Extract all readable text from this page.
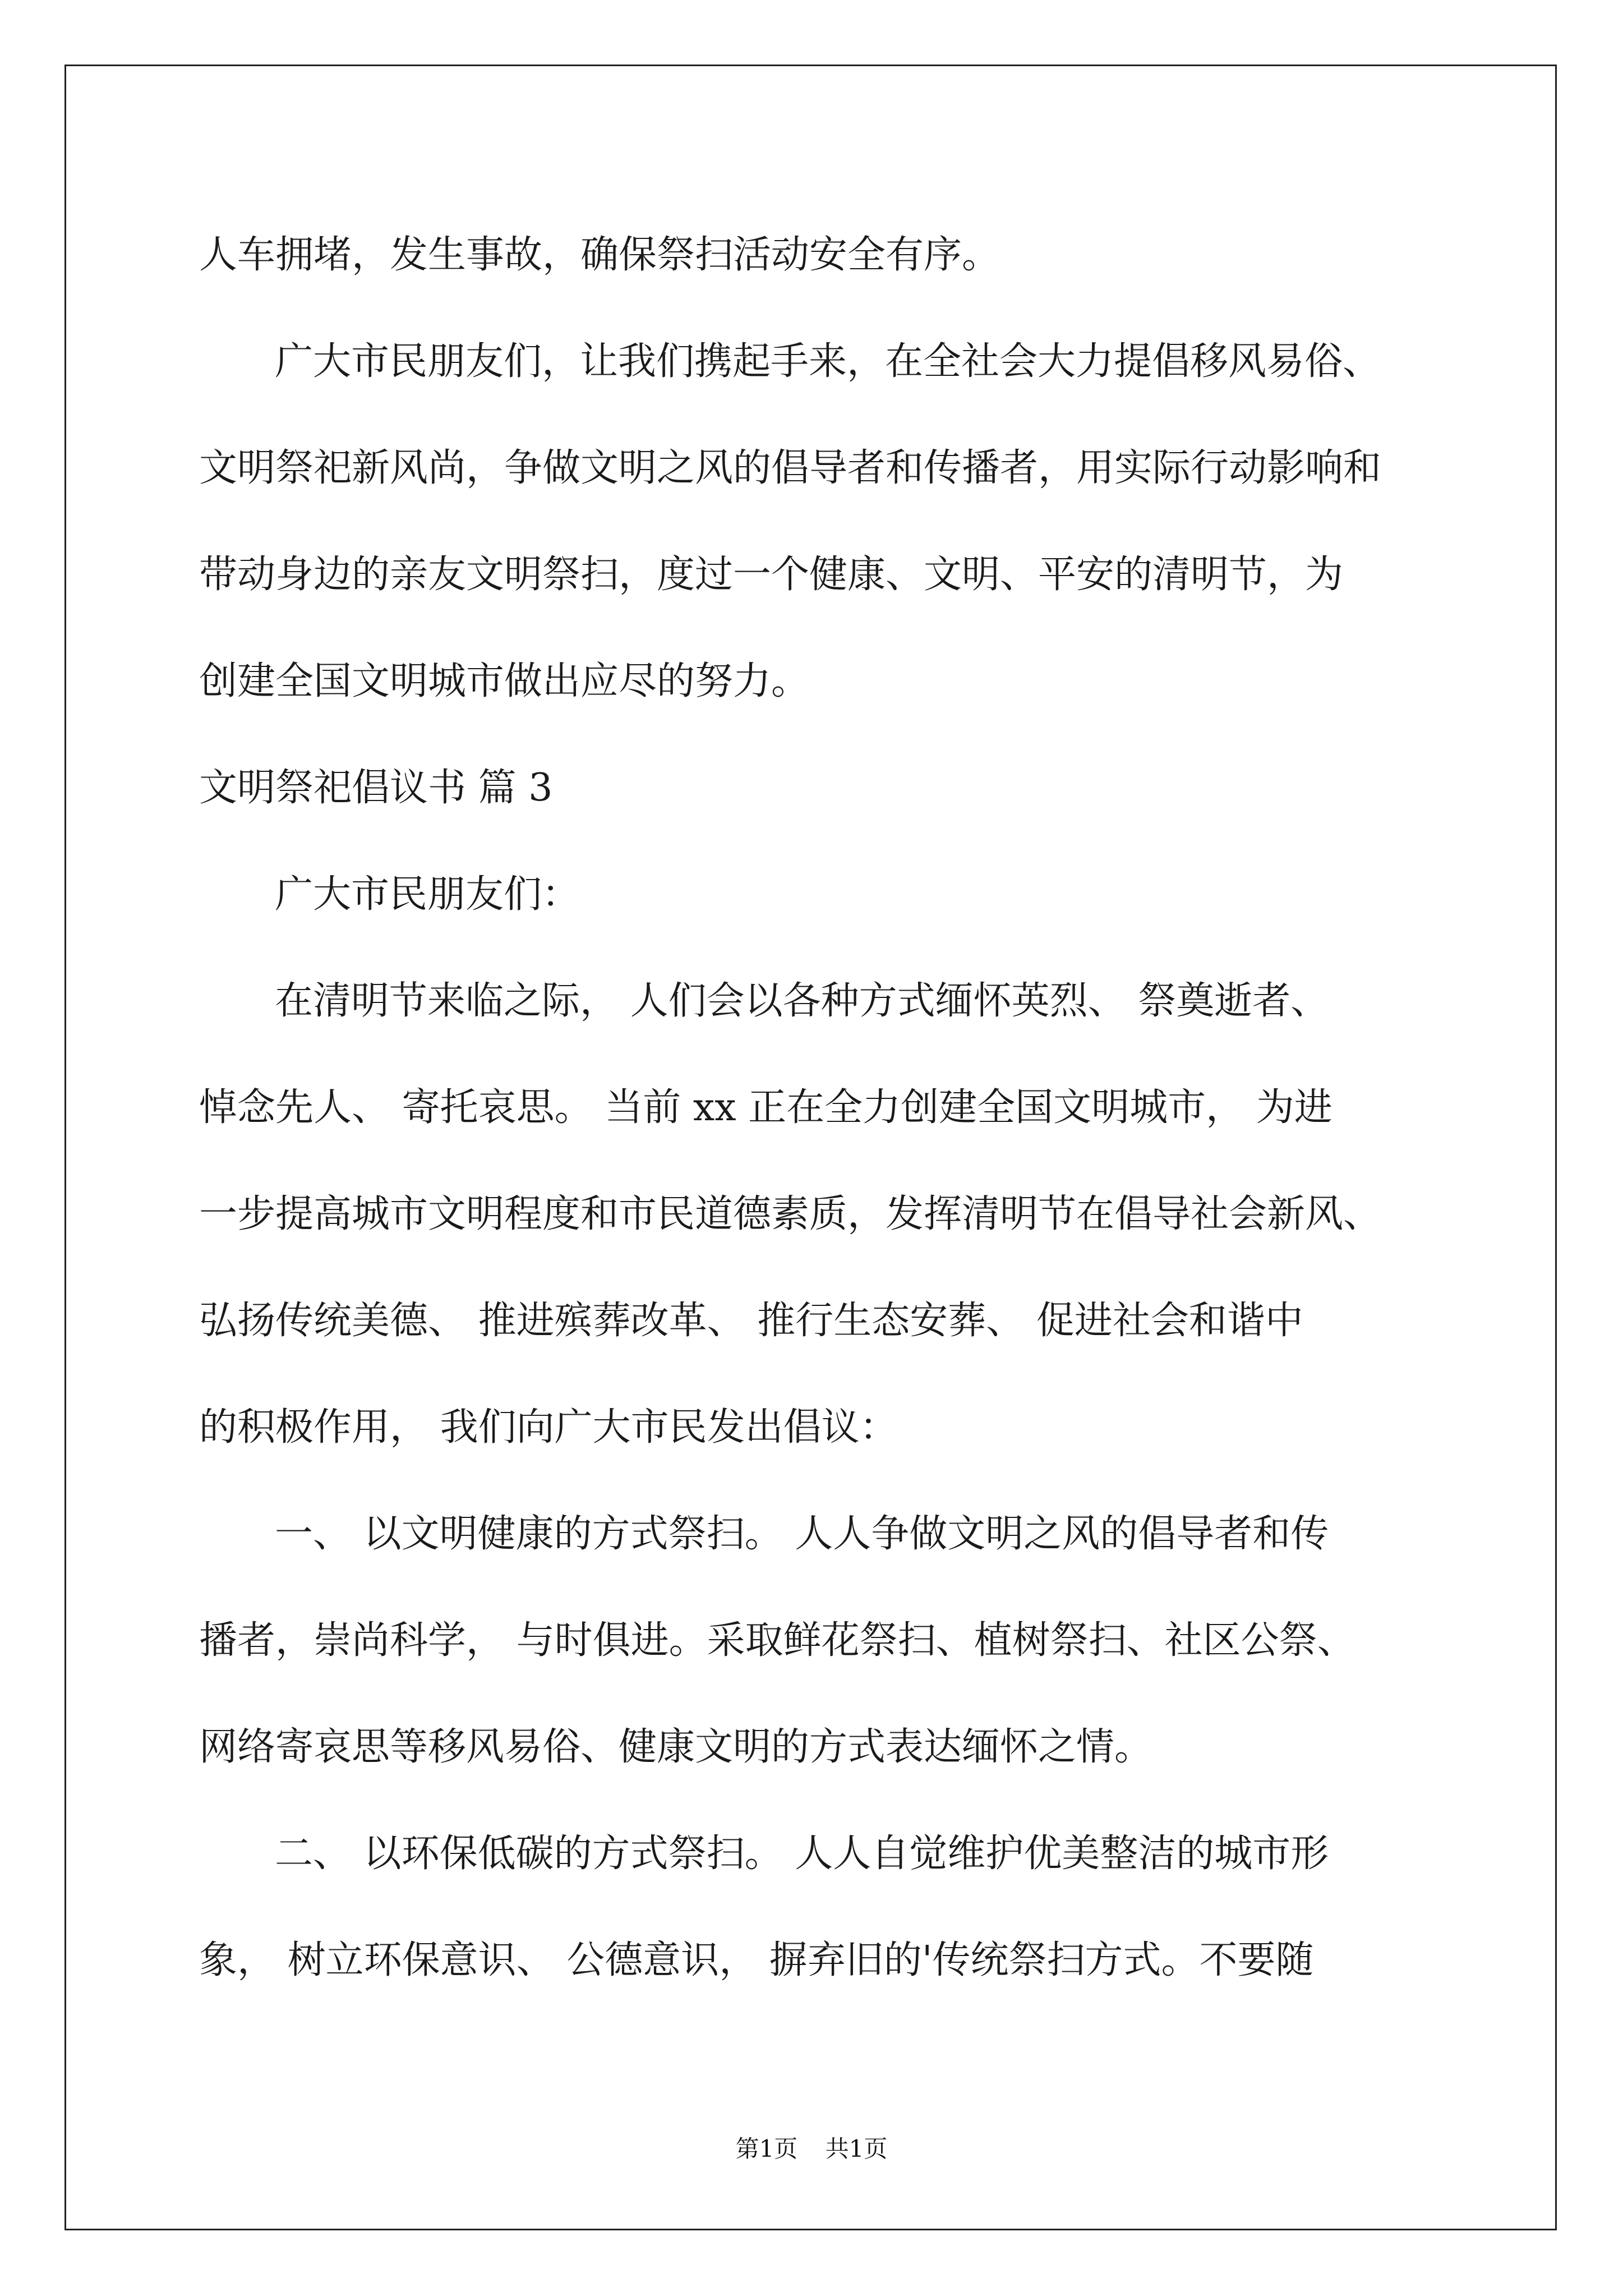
人车拥堵，发生事故，确保祭扫活动安全有序。
广大市民朋友们，让我们携起手来，在全社会大力提倡移风易俗、
文明祭祀新风尚，争做文明之风的倡导者和传播者，用实际行动影响和
带动身边的亲友文明祭扫，度过一个健康、文明、平安的清明节，为
创建全国文明城市做出应尽的努力。
文明祭祀倡议书 篇 3
广大市民朋友们：
在清明节来临之际， 人们会以各种方式缅怀英烈、 祭奠逝者、
悼念先人、 寄托哀思。 当前 xx 正在全力创建全国文明城市， 为进
一步提高城市文明程度和市民道德素质，发挥清明节在倡导社会新风、
弘扬传统美德、 推进殡葬改革、 推行生态安葬、 促进社会和谐中
的积极作用， 我们向广大市民发出倡议：
一、 以文明健康的方式祭扫。 人人争做文明之风的倡导者和传
播者，崇尚科学， 与时俱进。采取鲜花祭扫、植树祭扫、社区公祭、
网络寄哀思等移风易俗、健康文明的方式表达缅怀之情。
二、 以环保低碳的方式祭扫。 人人自觉维护优美整洁的城市形
象， 树立环保意识、 公德意识， 摒弃旧的'传统祭扫方式。不要随
第1页 共1页
